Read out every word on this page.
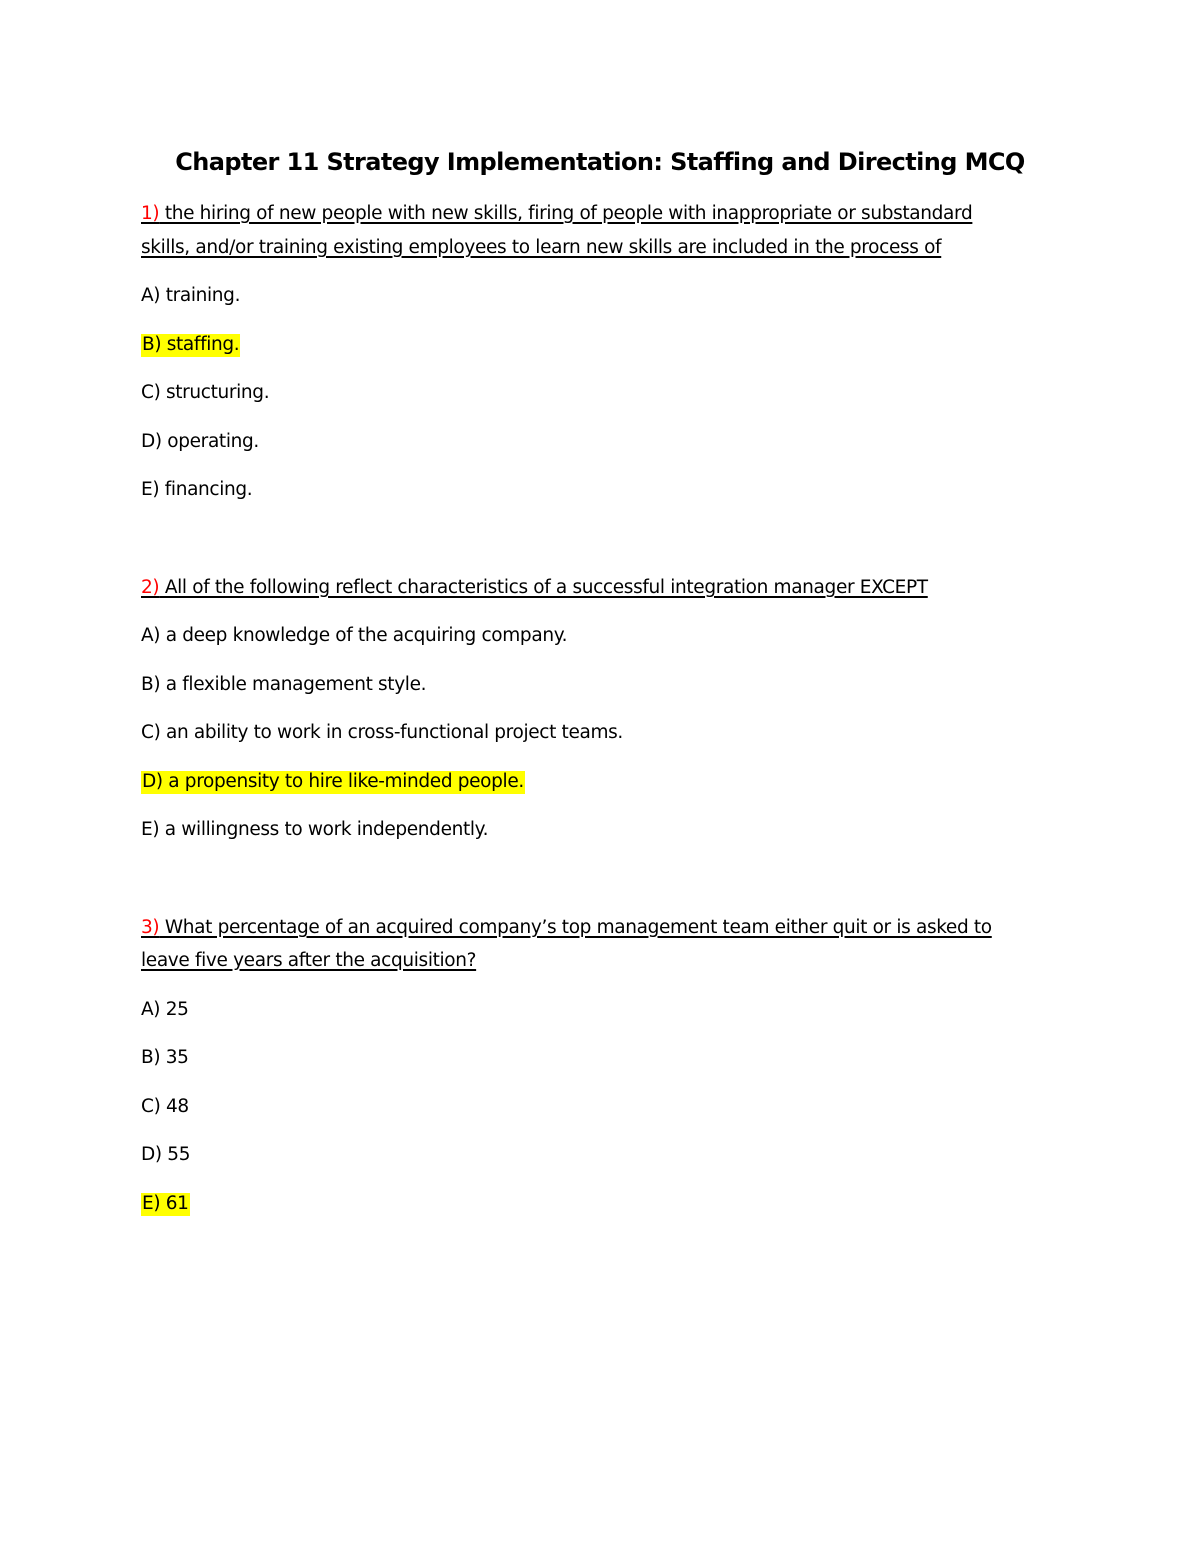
Chapter 11 Strategy Implementation: Staffing and Directing MCQ
1) the hiring of new people with new skills, firing of people with inappropriate or substandard
skills, and/or training existing employees to learn new skills are included in the process of
A) training.
B) staffing.
C) structuring.
D) operating.
E) financing.
2) All of the following reflect characteristics of a successful integration manager EXCEPT
A) a deep knowledge of the acquiring company.
B) a flexible management style.
C) an ability to work in cross-functional project teams.
D) a propensity to hire like-minded people.
E) a willingness to work independently.
3) What percentage of an acquired company’s top management team either quit or is asked to
leave five years after the acquisition?
A) 25
B) 35
C) 48
D) 55
E) 61
